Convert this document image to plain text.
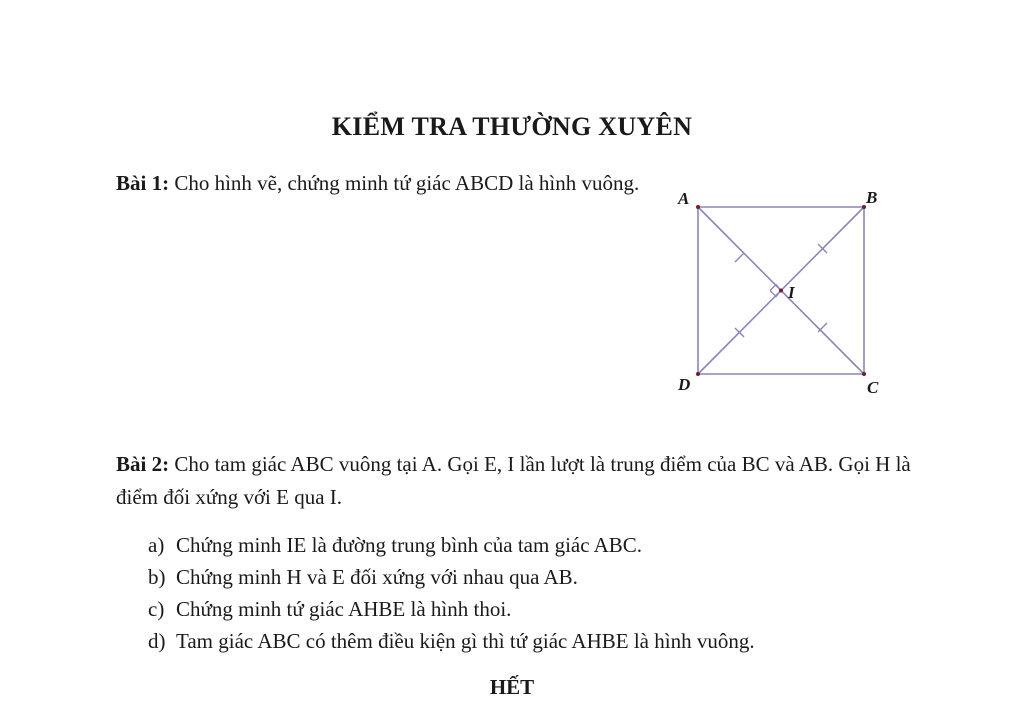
KIỂM TRA THƯỜNG XUYÊN
Bài 1: Cho hình vẽ, chứng minh tứ giác ABCD là hình vuông.
A	B
C
D
I
Bài 2: Cho tam giác ABC vuông tại A. Gọi E, I lần lượt là trung điểm của BC và AB. Gọi H là điểm đối xứng với E qua I.
a) Chứng minh IE là đường trung bình của tam giác ABC.
b) Chứng minh H và E đối xứng với nhau qua AB.
c) Chứng minh tứ giác AHBE là hình thoi.
d) Tam giác ABC có thêm điều kiện gì thì tứ giác AHBE là hình vuông.
HẾT
